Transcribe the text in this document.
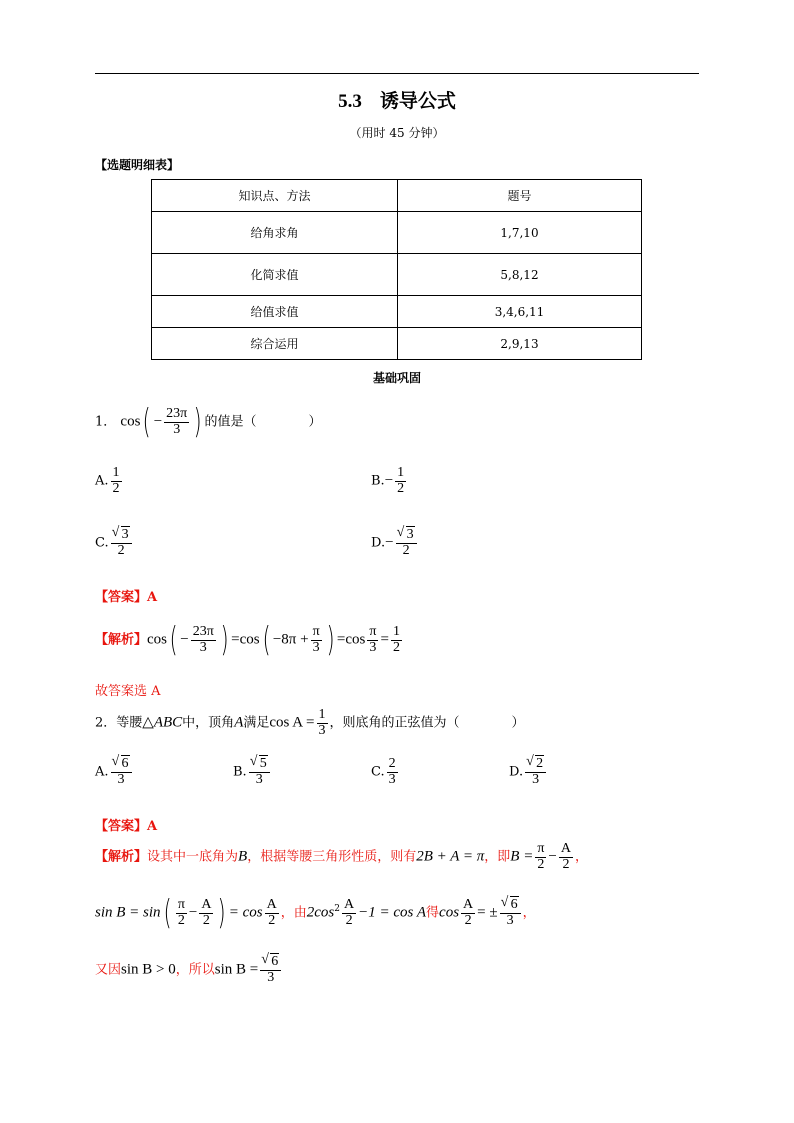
5.3 诱导公式
（用时 45 分钟）
【选题明细表】
知识点、方法	题号
给角求角	1,7,10
化简求值	5,8,12
给值求值	3,4,6,11
综合运用	2,9,13
基础巩固
1． $\cos( - \frac{23\pi}{3}$ ) 的值是（　　　　）
A. $\frac{1}{2}$	$B.- \frac{1}{2}$
C. √ $\frac{3}{2}$	D.− √ $\frac{3}{2}$
【答案】A
【解析】$\cos( - \frac{23\pi}{3}$ ) $=\cos( -8\pi + \frac{\pi}{3}$ ) $=\cos \frac{\pi}{3} = \frac{1}{2}$
故答案选 A
2．等腰△ABC中，顶角A满足$\cos A = \frac{1}{3}$ ，则底角的正弦值为（　　　　）
A. √ $\frac{6}{3}$	B. √ $\frac{5}{3}$	C. $\frac{2}{3}$	D. √ $\frac{2}{3}$
【答案】A
【解析】设其中一底角为B，根据等腰三角形性质，则有2B + A = π，即$B = \frac{\pi}{2} - \frac{A}{2}$ ，
$\sin B = \sin( \frac{\pi}{2} - \frac{A}{2}$ ) = $\cos \frac{A}{2}$ ，由$2\cos^2 \frac{A}{2} -1 = \cos A$得$\cos \frac{A}{2}$ = ± √ $\frac{6}{3}$ ，
又因sin B > 0，所以sin B = √ $\frac{6}{3}$
